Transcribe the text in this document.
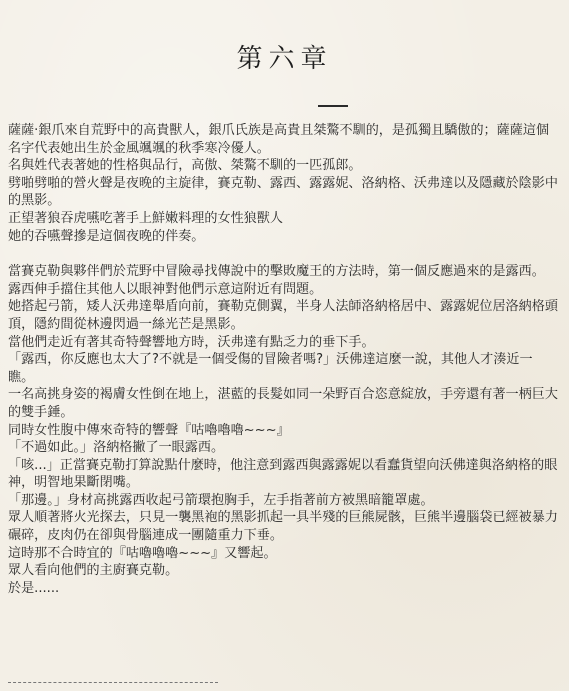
第六章
薩薩·銀爪來自荒野中的高貴獸人，銀爪氏族是高貴且桀驁不馴的，是孤獨且驕傲的；薩薩這個名字代表她出生於金風颯颯的秋季寒冷優人。
名與姓代表著她的性格與品行，高傲、桀驁不馴的一匹孤郎。
劈啪劈啪的營火聲是夜晚的主旋律，賽克勒、露西、露露妮、洛納格、沃弗達以及隱藏於陰影中的黑影。
正望著狼吞虎嚥吃著手上鮮嫩料理的女性狼獸人
她的吞嚥聲摻是這個夜晚的伴奏。
當賽克勒與夥伴們於荒野中冒險尋找傳說中的擊敗魔王的方法時，第一個反應過來的是露西。
露西伸手擋住其他人以眼神對他們示意這附近有問題。
她搭起弓箭，矮人沃弗達舉盾向前，賽勒克側翼，半身人法師洛納格居中、露露妮位居洛納格頭頂，隱約間從林邊閃過一絲光芒是黑影。
當他們走近有著其奇特聲響地方時，沃弗達有點乏力的垂下手。
「露西，你反應也太大了?不就是一個受傷的冒險者嗎?」沃佛達這麼一說，其他人才湊近一瞧。
一名高挑身姿的褐膚女性倒在地上，湛藍的長髮如同一朵野百合恣意綻放，手旁還有著一柄巨大的雙手錘。
同時女性腹中傳來奇特的響聲『咕嚕嚕嚕~~~』
「不過如此。」洛納格撇了一眼露西。
「咳...」正當賽克勒打算說點什麼時，他注意到露西與露露妮以看蠢貨望向沃佛達與洛納格的眼神，明智地果斷閉嘴。
「那邊。」身材高挑露西收起弓箭環抱胸手，左手指著前方被黑暗籠罩處。
眾人順著將火光探去，只見一襲黑袍的黑影抓起一具半殘的巨熊屍骸，巨熊半邊腦袋已經被暴力碾碎，皮肉仍在卻與骨腦連成一團隨重力下垂。
這時那不合時宜的『咕嚕嚕嚕~~~』又響起。
眾人看向他們的主廚賽克勒。
於是......
